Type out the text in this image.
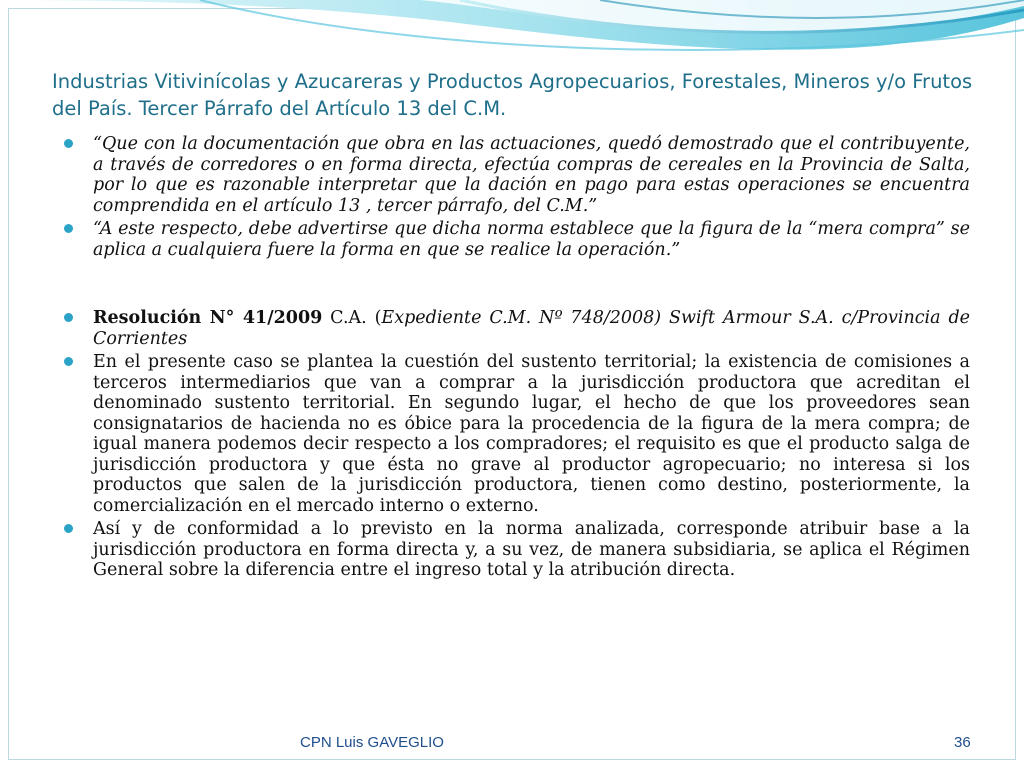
Industrias Vitivinícolas y Azucareras y Productos Agropecuarios, Forestales, Mineros y/o Frutos del País. Tercer Párrafo del Artículo 13 del C.M.
“Que con la documentación que obra en las actuaciones, quedó demostrado que el contribuyente, a través de corredores o en forma directa, efectúa compras de cereales en la Provincia de Salta, por lo que es razonable interpretar que la dación en pago para estas operaciones se encuentra comprendida en el artículo 13 , tercer párrafo, del C.M.”
“A este respecto, debe advertirse que dicha norma establece que la figura de la “mera compra” se aplica a cualquiera fuere la forma en que se realice la operación.”
Resolución N° 41/2009 C.A. (Expediente C.M. Nº 748/2008) Swift Armour S.A. c/Provincia de Corrientes
En el presente caso se plantea la cuestión del sustento territorial; la existencia de comisiones a terceros intermediarios que van a comprar a la jurisdicción productora que acreditan el denominado sustento territorial. En segundo lugar, el hecho de que los proveedores sean consignatarios de hacienda no es óbice para la procedencia de la figura de la mera compra; de igual manera podemos decir respecto a los compradores; el requisito es que el producto salga de jurisdicción productora y que ésta no grave al productor agropecuario; no interesa si los productos que salen de la jurisdicción productora, tienen como destino, posteriormente, la comercialización en el mercado interno o externo.
Así y de conformidad a lo previsto en la norma analizada, corresponde atribuir base a la jurisdicción productora en forma directa y, a su vez, de manera subsidiaria, se aplica el Régimen General sobre la diferencia entre el ingreso total y la atribución directa.
CPN Luis GAVEGLIO	36
